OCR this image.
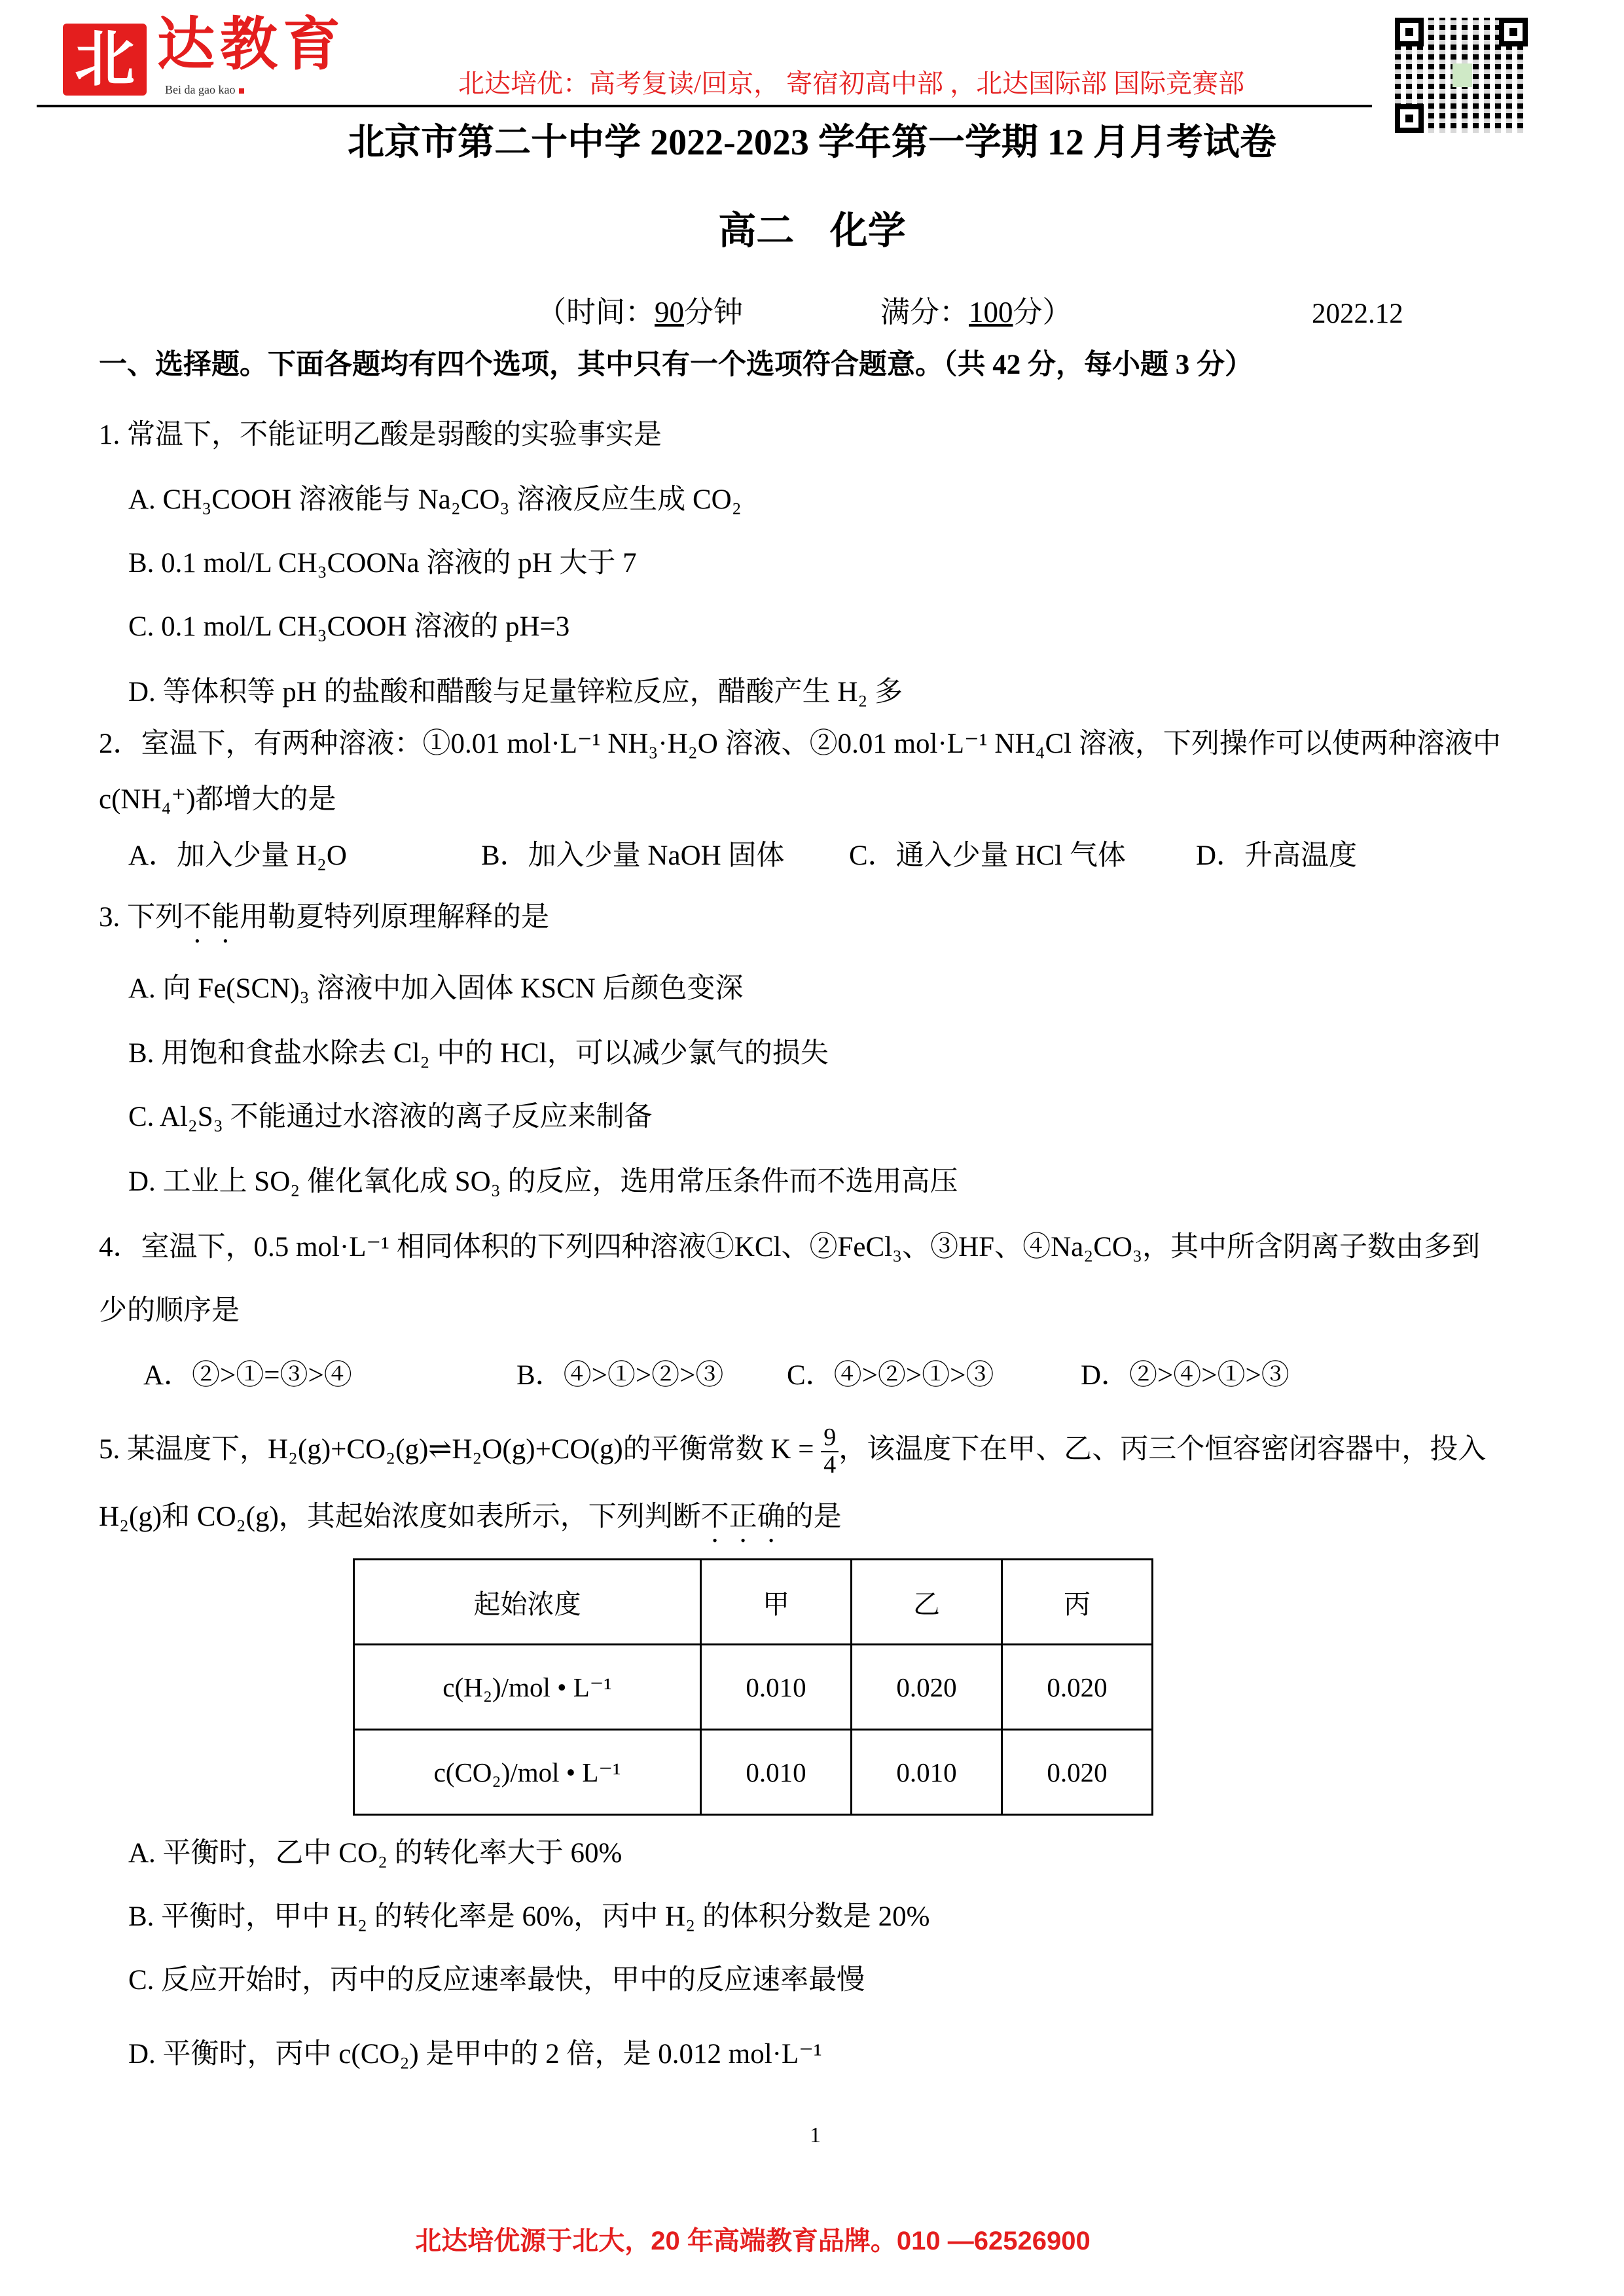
北 达教育
Bei da gao kao	北达培优：高考复读/回京， 寄宿初高中部 ，北达国际部 国际竞赛部
北京市第二十中学 2022-2023 学年第一学期 12 月月考试卷
高二 化学
（时间：90分钟	满分：100分）	2022.12
一、选择题。下面各题均有四个选项，其中只有一个选项符合题意。（共 42 分，每小题 3 分）
1. 常温下，不能证明乙酸是弱酸的实验事实是
A. CH₃COOH 溶液能与 Na₂CO₃ 溶液反应生成 CO₂
B. 0.1 mol/L CH₃COONa 溶液的 pH 大于 7
C. 0.1 mol/L CH₃COOH 溶液的 pH=3
D. 等体积等 pH 的盐酸和醋酸与足量锌粒反应，醋酸产生 H₂ 多
2．室温下，有两种溶液：①0.01 mol·L⁻¹ NH₃·H₂O 溶液、②0.01 mol·L⁻¹ NH₄Cl 溶液，下列操作可以使两种溶液中
c(NH₄⁺)都增大的是
A．加入少量 H₂O	B．加入少量 NaOH 固体 C．通入少量 HCl 气体 D．升高温度
3. 下列不能用勒夏特列原理解释的是
A. 向 Fe(SCN)₃ 溶液中加入固体 KSCN 后颜色变深
B. 用饱和食盐水除去 Cl₂ 中的 HCl，可以减少氯气的损失
C. Al₂S₃ 不能通过水溶液的离子反应来制备
D. 工业上 SO₂ 催化氧化成 SO₃ 的反应，选用常压条件而不选用高压
4．室温下，0.5 mol·L⁻¹ 相同体积的下列四种溶液①KCl、②FeCl₃、③HF、④Na₂CO₃，其中所含阴离子数由多到
少的顺序是
A．②>①=③>④	B．④>①>②>③ C．④>②>①>③	D．②>④>①>③
5. 某温度下，H₂(g)+CO₂(g)⇌H₂O(g)+CO(g)的平衡常数 $K = \frac{9}{4}$ ，该温度下在甲、乙、丙三个恒容密闭容器中，投入
H₂(g)和 CO₂(g)，其起始浓度如表所示，下列判断不正确的是
起始浓度	甲	乙	丙
c(H₂)/mol • L⁻¹	0.010	0.020	0.020
c(CO₂)/mol • L⁻¹	0.010	0.010	0.020
A. 平衡时，乙中 CO₂ 的转化率大于 60%
B. 平衡时，甲中 H₂ 的转化率是 60%，丙中 H₂ 的体积分数是 20%
C. 反应开始时，丙中的反应速率最快，甲中的反应速率最慢
D. 平衡时，丙中 c(CO₂) 是甲中的 2 倍，是 0.012 mol·L⁻¹
1
北达培优源于北大，20 年高端教育品牌。010 —62526900
